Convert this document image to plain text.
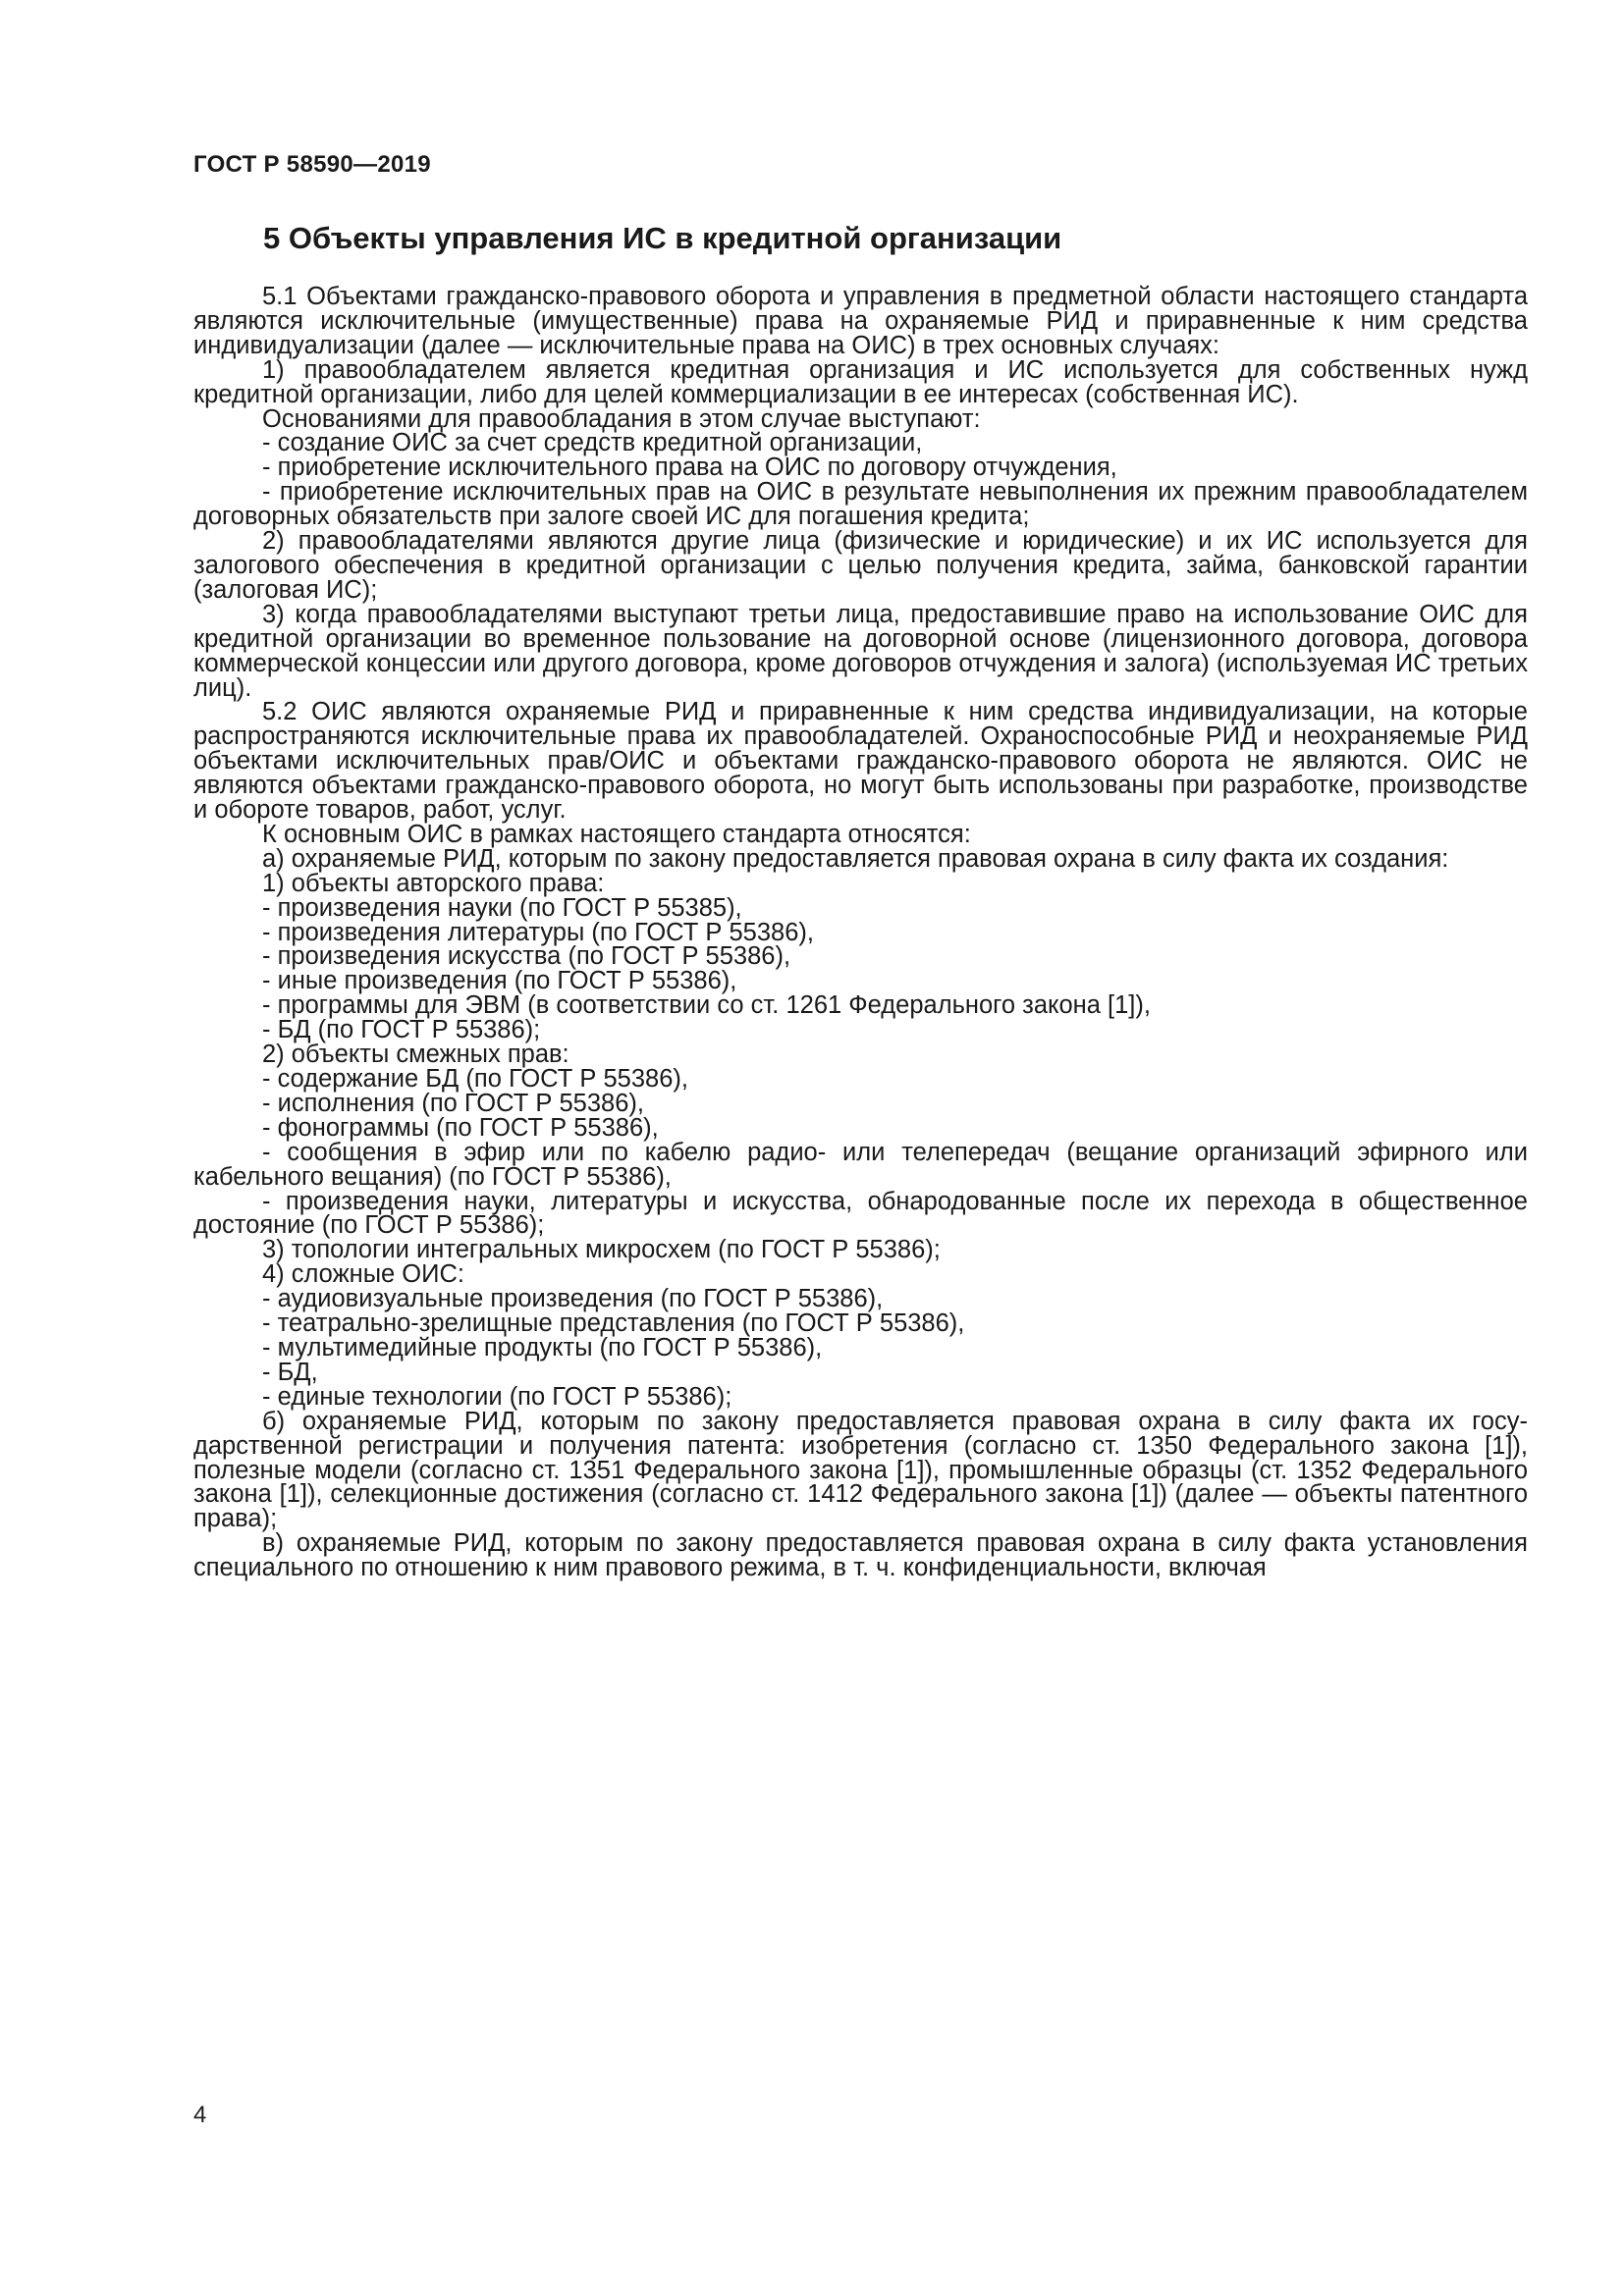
ГОСТ Р 58590—2019
5 Объекты управления ИС в кредитной организации

5.1 Объектами гражданско-правового оборота и управления в предметной области настоящего стандарта являются исключительные (имущественные) права на охраняемые РИД и приравненные к ним средства индивидуализации (далее — исключительные права на ОИС) в трех основных случаях:

1) правообладателем является кредитная организация и ИС используется для собственных нужд кредитной организации, либо для целей коммерциализации в ее интересах (собственная ИС).

Основаниями для правообладания в этом случае выступают:

- создание ОИС за счет средств кредитной организации,

- приобретение исключительного права на ОИС по договору отчуждения,

- приобретение исключительных прав на ОИС в результате невыполнения их прежним правообладателем договорных обязательств при залоге своей ИС для погашения кредита;

2) правообладателями являются другие лица (физические и юридические) и их ИС используется для залогового обеспечения в кредитной организации с целью получения кредита, займа, банковской гарантии (залоговая ИС);

3) когда правообладателями выступают третьи лица, предоставившие право на использование ОИС для кредитной организации во временное пользование на договорной основе (лицензионного договора, договора коммерческой концессии или другого договора, кроме договоров отчуждения и залога) (используемая ИС третьих лиц).

5.2 ОИС являются охраняемые РИД и приравненные к ним средства индивидуализации, на которые распространяются исключительные права их правообладателей. Охраноспособные РИД и неохраняемые РИД объектами исключительных прав/ОИС и объектами гражданско-правового оборота не являются. ОИС не являются объектами гражданско-правового оборота, но могут быть использованы при разработке, производстве и обороте товаров, работ, услуг.

К основным ОИС в рамках настоящего стандарта относятся:

а) охраняемые РИД, которым по закону предоставляется правовая охрана в силу факта их создания:

1) объекты авторского права:

- произведения науки (по ГОСТ Р 55385),

- произведения литературы (по ГОСТ Р 55386),

- произведения искусства (по ГОСТ Р 55386),

- иные произведения (по ГОСТ Р 55386),

- программы для ЭВМ (в соответствии со ст. 1261 Федерального закона [1]),

- БД (по ГОСТ Р 55386);

2) объекты смежных прав:

- содержание БД (по ГОСТ Р 55386),

- исполнения (по ГОСТ Р 55386),

- фонограммы (по ГОСТ Р 55386),

- сообщения в эфир или по кабелю радио- или телепередач (вещание организаций эфирного или кабельного вещания) (по ГОСТ Р 55386),

- произведения науки, литературы и искусства, обнародованные после их перехода в общественное достояние (по ГОСТ Р 55386);

3) топологии интегральных микросхем (по ГОСТ Р 55386);

4) сложные ОИС:

- аудиовизуальные произведения (по ГОСТ Р 55386),

- театрально-зрелищные представления (по ГОСТ Р 55386),

- мультимедийные продукты (по ГОСТ Р 55386),

- БД,

- единые технологии (по ГОСТ Р 55386);

б) охраняемые РИД, которым по закону предоставляется правовая охрана в силу факта их государственной регистрации и получения патента: изобретения (согласно ст. 1350 Федерального закона [1]), полезные модели (согласно ст. 1351 Федерального закона [1]), промышленные образцы (ст. 1352 Федерального закона [1]), селекционные достижения (согласно ст. 1412 Федерального закона [1]) (далее — объекты патентного права);

в) охраняемые РИД, которым по закону предоставляется правовая охрана в силу факта установления специального по отношению к ним правового режима, в т. ч. конфиденциальности, включая

4
